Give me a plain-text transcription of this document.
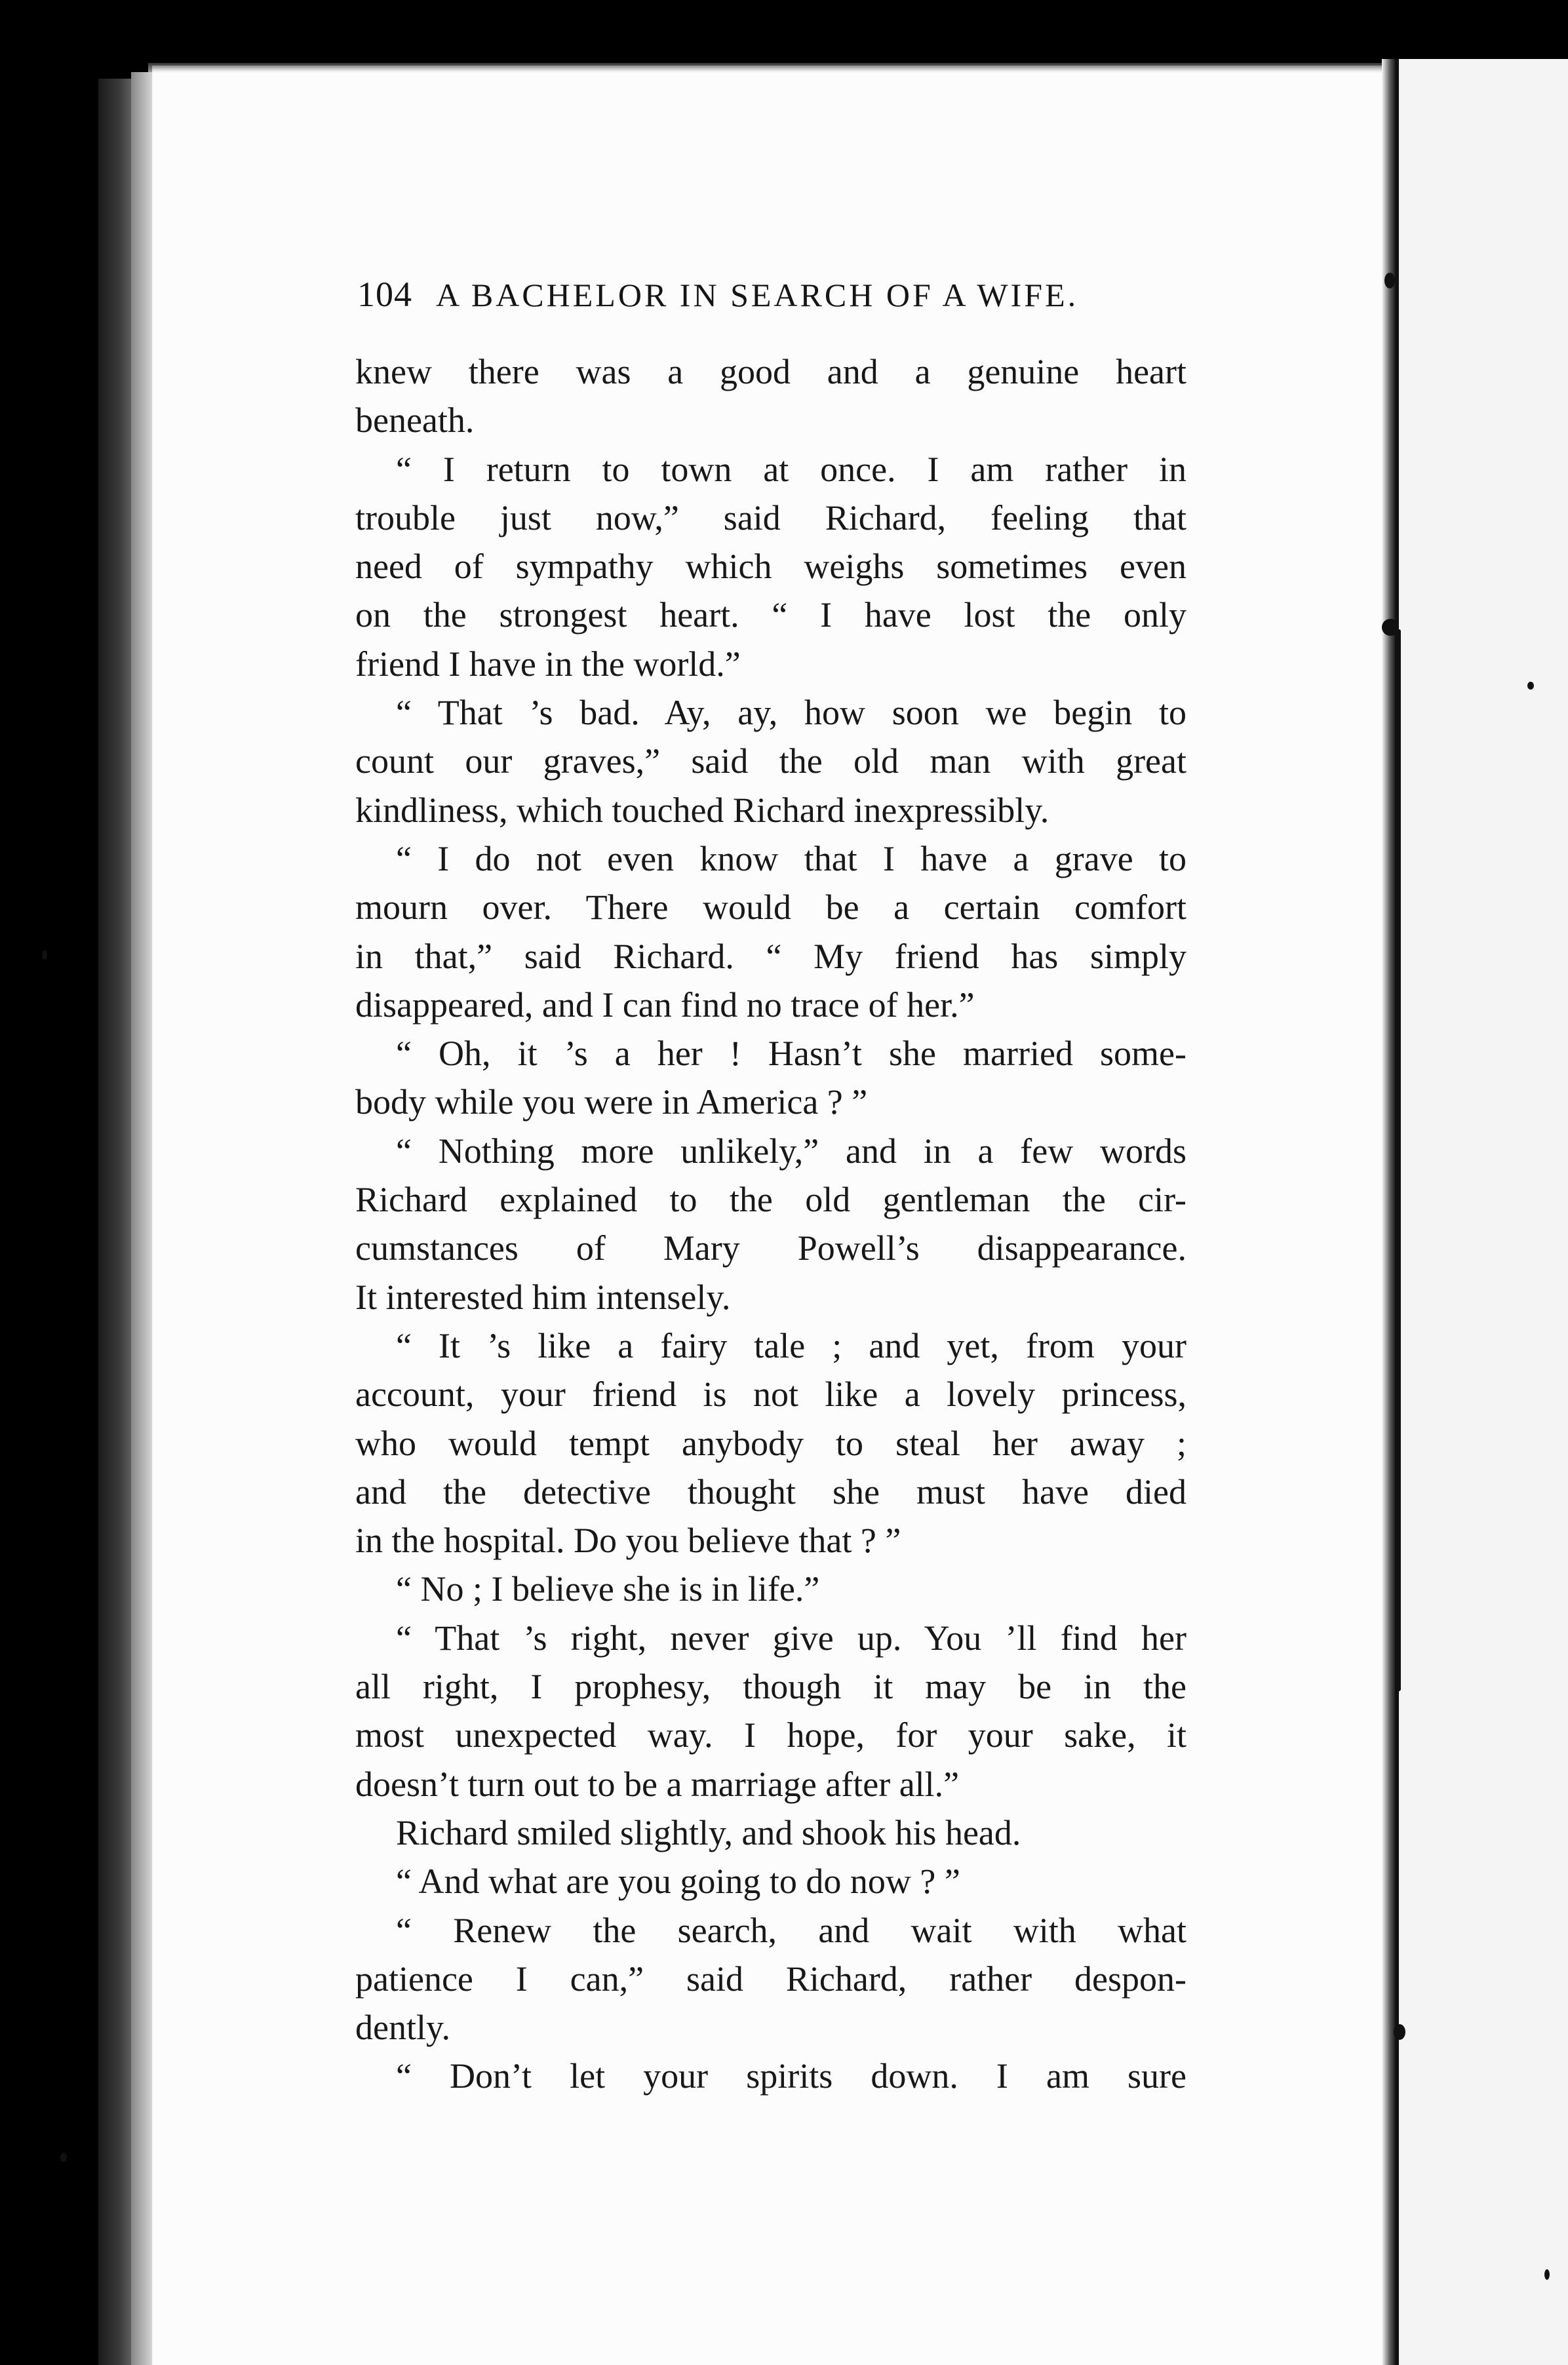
104 A BACHELOR IN SEARCH OF A WIFE.
knew there was a good and a genuine heart
beneath.
“ I return to town at once. I am rather in
trouble just now,” said Richard, feeling that
need of sympathy which weighs sometimes even
on the strongest heart. “ I have lost the only
friend I have in the world.”
“ That ’s bad. Ay, ay, how soon we begin to
count our graves,” said the old man with great
kindliness, which touched Richard inexpressibly.
“ I do not even know that I have a grave to
mourn over. There would be a certain comfort
in that,” said Richard. “ My friend has simply
disappeared, and I can find no trace of her.”
“ Oh, it ’s a her ! Hasn’t she married some-
body while you were in America ? ”
“ Nothing more unlikely,” and in a few words
Richard explained to the old gentleman the cir-
cumstances of Mary Powell’s disappearance.
It interested him intensely.
“ It ’s like a fairy tale ; and yet, from your
account, your friend is not like a lovely princess,
who would tempt anybody to steal her away ;
and the detective thought she must have died
in the hospital. Do you believe that ? ”
“ No ; I believe she is in life.”
“ That ’s right, never give up. You ’ll find her
all right, I prophesy, though it may be in the
most unexpected way. I hope, for your sake, it
doesn’t turn out to be a marriage after all.”
Richard smiled slightly, and shook his head.
“ And what are you going to do now ? ”
“ Renew the search, and wait with what
patience I can,” said Richard, rather despon-
dently.
“ Don’t let your spirits down. I am sure
